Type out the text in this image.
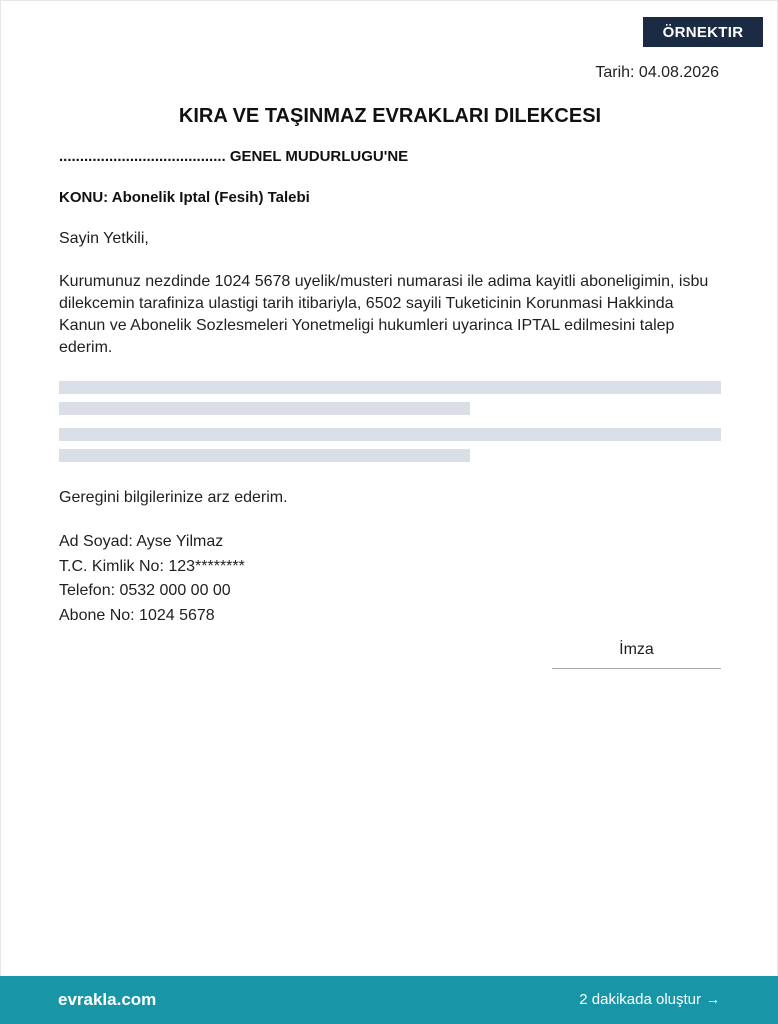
ÖRNEKTIR
Tarih: 04.08.2026
KIRA VE TAŞINMAZ EVRAKLARI DILEKCESI
........................................ GENEL MUDURLUGU'NE
KONU: Abonelik Iptal (Fesih) Talebi
Sayin Yetkili,
Kurumunuz nezdinde 1024 5678 uyelik/musteri numarasi ile adima kayitli aboneligimin, isbu dilekcemin tarafiniza ulastigi tarih itibariyla, 6502 sayili Tuketicinin Korunmasi Hakkinda Kanun ve Abonelik Sozlesmeleri Yonetmeligi hukumleri uyarinca IPTAL edilmesini talep ederim.
Geregini bilgilerinize arz ederim.
Ad Soyad: Ayse Yilmaz
T.C. Kimlik No: 123********
Telefon: 0532 000 00 00
Abone No: 1024 5678
İmza
evrakla.com	2 dakikada oluştur →
